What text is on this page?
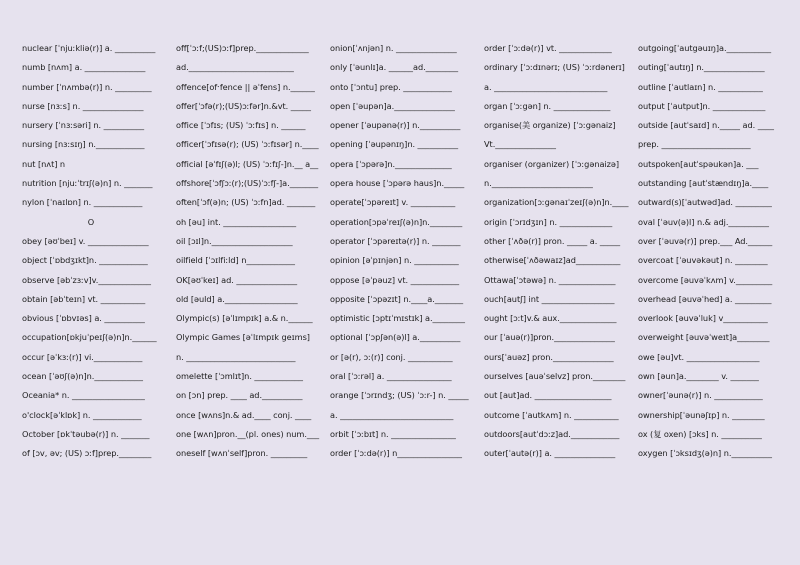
nuclear [ˈnjuːkliə(r)] a. __________
numb [nʌm] a. _______________
number [ˈnʌmbə(r)] n. _________
nurse [nɜːs] n. _______________
nursery [ˈnɜːsəri] n. __________
nursing [nɜːsɪŋ] n.____________
nut [nʌt] n
nutrition [njuːˈtrɪʃ(ə)n] n. _______
nylon [ˈnaɪlɒn] n. ____________
O
obey [əʊˈbeɪ] v. _______________
object [ˈɒbdʒɪkt]n. ____________
observe [əbˈzɜːv]v._____________
obtain [əbˈteɪn] vt. ___________
obvious [ˈɒbvɪəs] a. __________
occupation[ɒkjuˈpeɪʃ(ə)n]n.______
occur [əˈkɜː(r)] vi.____________
ocean [ˈəʊʃ(ə)n]n.____________
Oceania* n. __________________
o'clock[əˈklɒk] n. ____________
October [ɒkˈtəubə(r)] n. _______
of [ɔv, əv; (US) ɔːf]prep.________
off[ˈɔːf;(US)ɔːf]prep._____________
ad.__________________________
offence[ofˑfence || əˈfens] n.______
offer[ˈɔfə(r);(US)ɔːfər]n.&vt. _____
office [ˈɔfɪs; (US) ˈɔːfɪs] n. ______
officer[ˈɔfɪsə(r); (US) ˈɔːfɪsər] n.____
official [əˈfɪʃ(ə)l; (US) ˈɔːfɪʃ-]n.__ a__
offshore[ˈɔfʃɔː(r);(US)ˈɔːfʃ-]a._______
often[ˈɔf(ə)n; (US) ˈɔːfn]ad. _______
oh [əu] int. __________________
oil [ɔɪl]n.____________________
oilfield [ˈɔɪlfiːld] n____________
OK[əʊˈkeɪ] ad. _______________
old [əuld] a.__________________
Olympic(s) [əˈlɪmpɪk] a.& n.______
Olympic Games [əˈlɪmpɪk geɪms]
n. ___________________________
omelette [ˈɔmlɪt]n. ____________
on [ɔn] prep. ____ ad.__________
once [wʌns]n.& ad.____ conj. ____
one [wʌn]pron.__(pl. ones) num.___
oneself [wʌnˈself]pron. _________
onion[ˈʌnjən] n. _______________
only [ˈəunlɪ]a. ______ad.________
onto [ˈɔntu] prep. ____________
open [ˈəupən]a._______________
opener [ˈəupənə(r)] n.__________
opening [ˈəupənɪŋ]n. __________
opera [ˈɔpərə]n.______________
opera house [ˈɔpərə haus]n._____
operate[ˈɔpəreɪt] v. ___________
operation[ɔpəˈreɪʃ(ə)n]n.________
operator [ˈɔpəreɪtə(r)] n. _______
opinion [əˈpɪnjən] n. ___________
oppose [əˈpəuz] vt. ____________
opposite [ˈɔpəzɪt] n.____a._______
optimistic [ɔptɪˈmɪstɪk] a.________
optional [ˈɔpʃən(ə)l] a.__________
or [ə(r), ɔː(r)] conj. ___________
oral [ˈɔːrəl] a. ________________
orange [ˈɔrɪndʒ; (US) ˈɔːr-] n. _____
a. ____________________________
orbit [ˈɔːbɪt] n. ________________
order [ˈɔːdə(r)] n________________
order [ˈɔːdə(r)] vt. _____________
ordinary [ˈɔːdɪnərɪ; (US) ˈɔːrdənerɪ]
a. ____________________________
organ [ˈɔːgən] n. ______________
organise(美 organize) [ˈɔːgənaiz]
Vt._______________
organiser (organizer) [ˈɔːgənaizə]
n._________________________
organization[ɔːgənaɪˈzeɪʃ(ə)n]n.____
origin [ˈɔrɪdʒɪn] n. _____________
other [ˈʌðə(r)] pron. _____ a. _____
otherwise[ˈʌðəwaɪz]ad___________
Ottawa[ˈɔtəwə] n. ______________
ouch[autʃ] int __________________
ought [ɔːt]v.& aux.______________
our [ˈauə(r)]pron._______________
ours[ˈauəz] pron._______________
ourselves [auəˈselvz] pron.________
out [aut]ad. ___________________
outcome [ˈautkʌm] n. ___________
outdoors[autˈdɔːz]ad.____________
outer[ˈautə(r)] a. _______________
outgoing[ˈautgəuɪŋ]a.___________
outing[ˈautɪŋ] n._______________
outline [ˈautlaɪn] n. ___________
output [ˈautput]n. _____________
outside [autˈsaɪd] n._____ ad. ____
prep. ______________________
outspoken[autˈspəukən]a. ___
outstanding [autˈstændɪŋ]a.____
outward(s)[ˈautwəd]ad. _________
oval [ˈəuv(ə)l] n.& adj.__________
over [ˈəuvə(r)] prep.___ Ad.______
overcoat [ˈəuvəkəut] n. ________
overcome [əuvəˈkʌm] v._________
overhead [əuvəˈhed] a. _________
overlook [əuvəˈluk] v___________
overweight [əuvəˈweɪt]a________
owe [əu]vt. __________________
own [əun]a.________ v. _______
owner[ˈəunə(r)] n. ____________
ownership[ˈəunəʃɪp] n. ________
ox (复 oxen) [ɔks] n. __________
oxygen [ˈɔksɪdʒ(ə)n] n.__________
